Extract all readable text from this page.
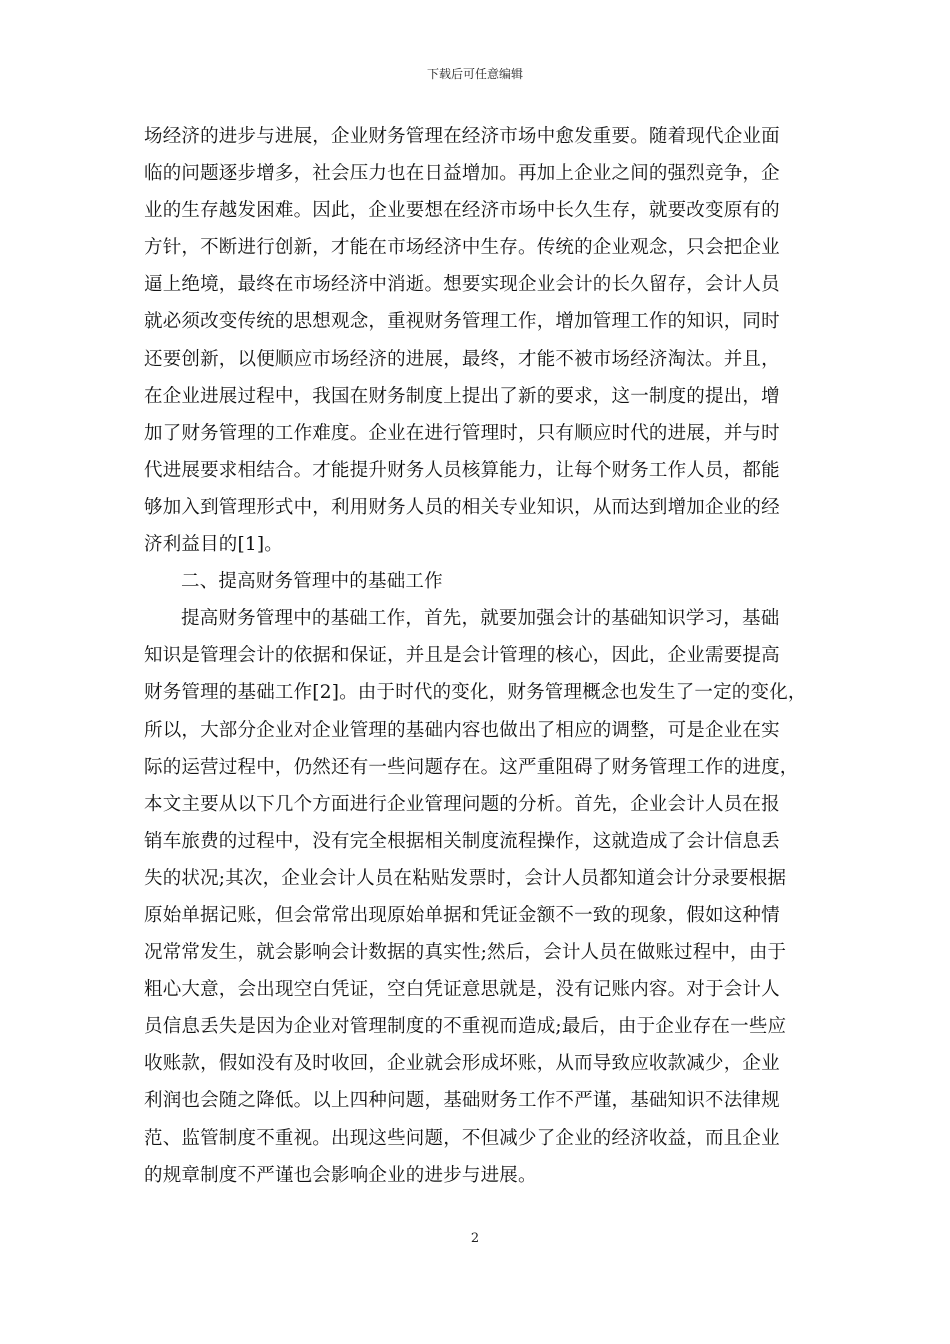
下载后可任意编辑
场经济的进步与进展，企业财务管理在经济市场中愈发重要。随着现代企业面
临的问题逐步增多，社会压力也在日益增加。再加上企业之间的强烈竞争，企
业的生存越发困难。因此，企业要想在经济市场中长久生存，就要改变原有的
方针，不断进行创新，才能在市场经济中生存。传统的企业观念，只会把企业
逼上绝境，最终在市场经济中消逝。想要实现企业会计的长久留存，会计人员
就必须改变传统的思想观念，重视财务管理工作，增加管理工作的知识，同时
还要创新，以便顺应市场经济的进展，最终，才能不被市场经济淘汰。并且，
在企业进展过程中，我国在财务制度上提出了新的要求，这一制度的提出，增
加了财务管理的工作难度。企业在进行管理时，只有顺应时代的进展，并与时
代进展要求相结合。才能提升财务人员核算能力，让每个财务工作人员，都能
够加入到管理形式中，利用财务人员的相关专业知识，从而达到增加企业的经
济利益目的[1]。
二、提高财务管理中的基础工作
提高财务管理中的基础工作，首先，就要加强会计的基础知识学习，基础
知识是管理会计的依据和保证，并且是会计管理的核心，因此，企业需要提高
财务管理的基础工作[2]。由于时代的变化，财务管理概念也发生了一定的变化，
所以，大部分企业对企业管理的基础内容也做出了相应的调整，可是企业在实
际的运营过程中，仍然还有一些问题存在。这严重阻碍了财务管理工作的进度，
本文主要从以下几个方面进行企业管理问题的分析。首先，企业会计人员在报
销车旅费的过程中，没有完全根据相关制度流程操作，这就造成了会计信息丢
失的状况;其次，企业会计人员在粘贴发票时，会计人员都知道会计分录要根据
原始单据记账，但会常常出现原始单据和凭证金额不一致的现象，假如这种情
况常常发生，就会影响会计数据的真实性;然后，会计人员在做账过程中，由于
粗心大意，会出现空白凭证，空白凭证意思就是，没有记账内容。对于会计人
员信息丢失是因为企业对管理制度的不重视而造成;最后，由于企业存在一些应
收账款，假如没有及时收回，企业就会形成坏账，从而导致应收款减少，企业
利润也会随之降低。以上四种问题，基础财务工作不严谨，基础知识不法律规
范、监管制度不重视。出现这些问题，不但减少了企业的经济收益，而且企业
的规章制度不严谨也会影响企业的进步与进展。
2
